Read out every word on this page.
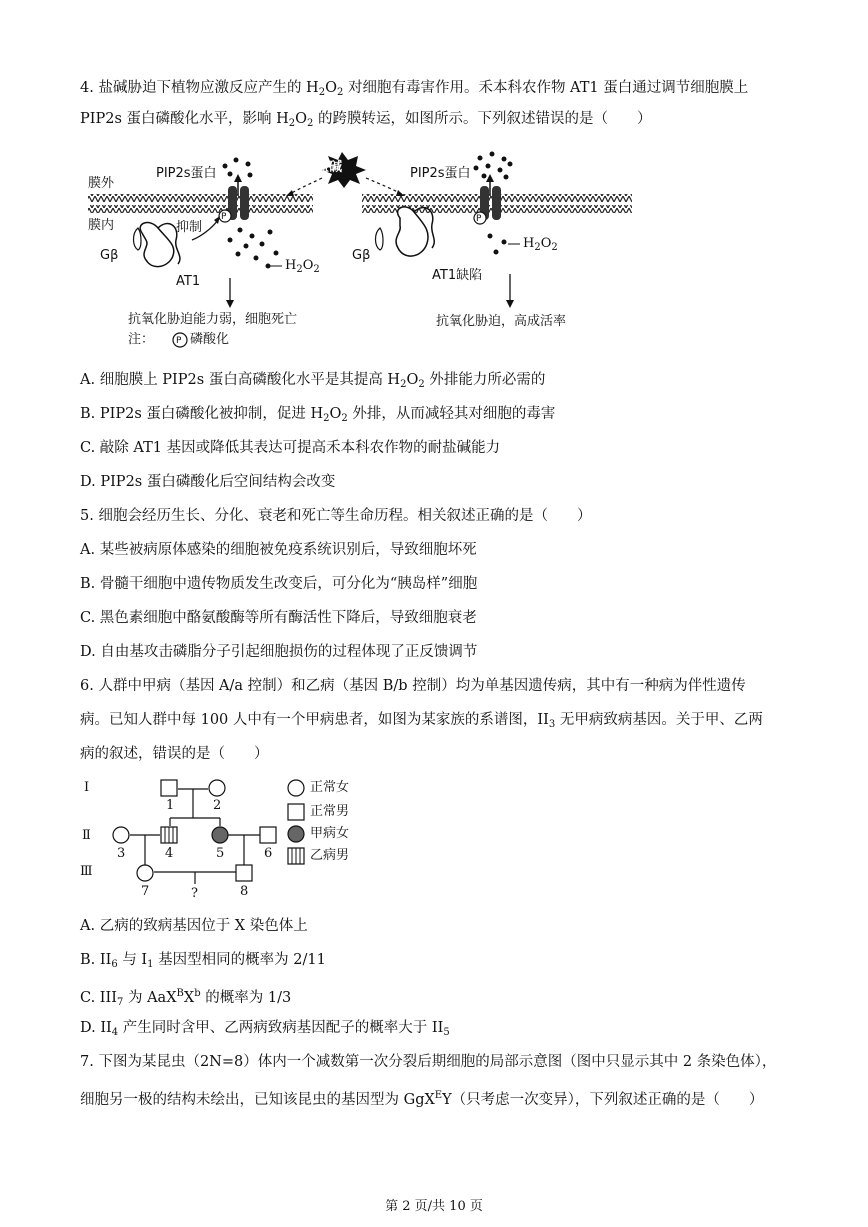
4. 盐碱胁迫下植物应激反应产生的 $H_2O_2$ 对细胞有毒害作用。禾本科农作物 AT1 蛋白通过调节细胞膜上
PIP2s 蛋白磷酸化水平，影响 $H_2O_2$ 的跨膜转运，如图所示。下列叙述错误的是（　　）
盐碱
膜外
膜内
PIP2s蛋白	PIP2s蛋白
抑制
Gβ	Gβ
AT1	AT1缺陷
P	P
$H_2O_2$
$H_2O_2$
抗氧化胁迫能力弱，细胞死亡
注： P 磷酸化
抗氧化胁迫，高成活率
A. 细胞膜上 PIP2s 蛋白高磷酸化水平是其提高 $H_2O_2$ 外排能力所必需的
B. PIP2s 蛋白磷酸化被抑制，促进 $H_2O_2$ 外排，从而减轻其对细胞的毒害
C. 敲除 AT1 基因或降低其表达可提高禾本科农作物的耐盐碱能力
D. PIP2s 蛋白磷酸化后空间结构会改变
5. 细胞会经历生长、分化、衰老和死亡等生命历程。相关叙述正确的是（　　）
A. 某些被病原体感染的细胞被免疫系统识别后，导致细胞坏死
B. 骨髓干细胞中遗传物质发生改变后，可分化为“胰岛样”细胞
C. 黑色素细胞中酪氨酸酶等所有酶活性下降后，导致细胞衰老
D. 自由基攻击磷脂分子引起细胞损伤的过程体现了正反馈调节
6. 人群中甲病（基因 A/a 控制）和乙病（基因 B/b 控制）均为单基因遗传病，其中有一种病为伴性遗传
病。已知人群中每 100 人中有一个甲病患者，如图为某家族的系谱图，$II_3$ 无甲病致病基因。关于甲、乙两
病的叙述，错误的是（　　）
Ⅰ
Ⅱ
Ⅲ
1	2
3	4	5	6
7	8
?
正常女
正常男
甲病女
乙病男
A. 乙病的致病基因位于 X 染色体上
B. $II_6$ 与 $I_1$ 基因型相同的概率为 2/11
C. $III_7$ 为 $AaX^BX^b$ 的概率为 1/3
D. $II_4$ 产生同时含甲、乙两病致病基因配子的概率大于 $II_5$
7. 下图为某昆虫（2N=8）体内一个减数第一次分裂后期细胞的局部示意图（图中只显示其中 2 条染色体），
细胞另一极的结构未绘出，已知该昆虫的基因型为 GgX$^E$Y（只考虑一次变异），下列叙述正确的是（　　）
第 2 页/共 10 页
